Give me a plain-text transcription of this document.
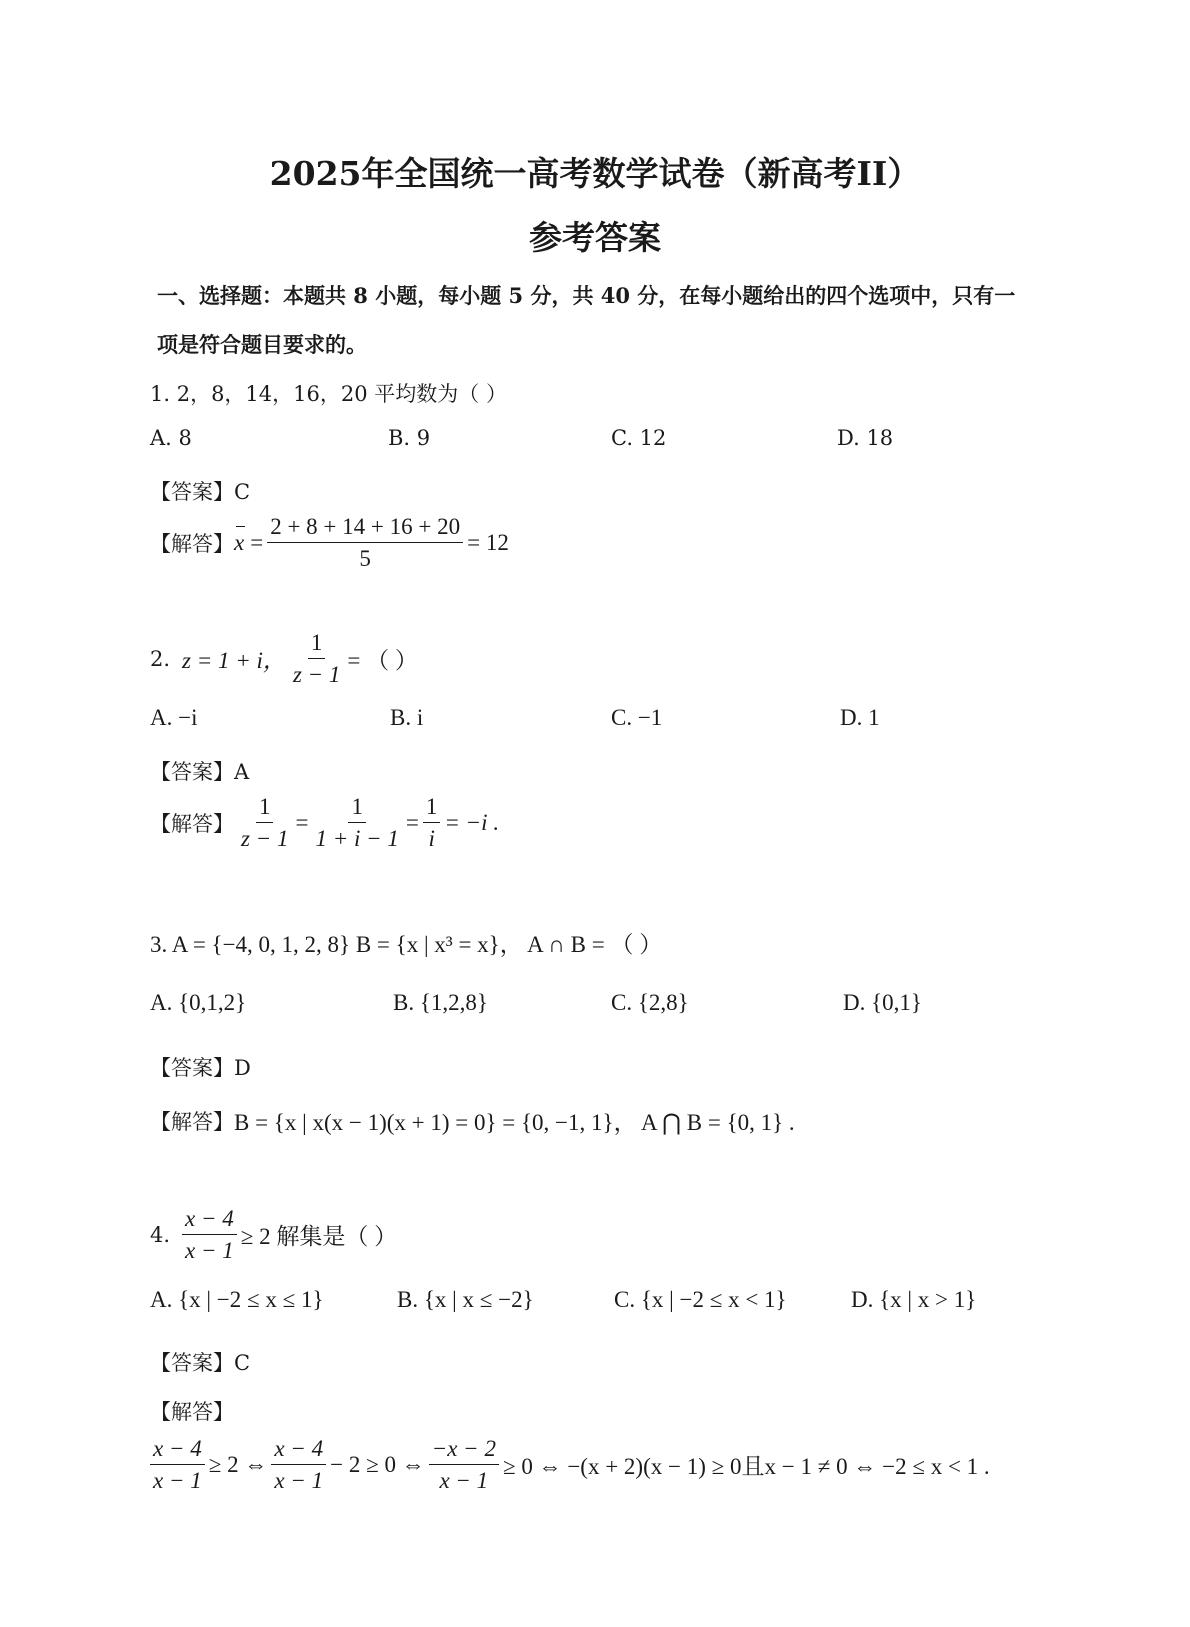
2025年全国统一高考数学试卷（新高考II）
参考答案
一、选择题：本题共 8 小题，每小题 5 分，共 40 分，在每小题给出的四个选项中，只有一
项是符合题目要求的。
1. 2，8，14，16，20 平均数为（ ）
A. 8	B. 9	C. 12	D. 18
【答案】C
【解答】 $x = \frac{2 + 8 + 14 + 16 + 20}{5} = 12$
2. z = 1 + i， $\frac{1}{z - 1}$ = （ ）
A. −i	B. i	C. −1	D. 1
【答案】A
【解答】 $\frac{1}{z - 1} = \frac{1}{1 + i - 1} = \frac{1}{i} = -i$ .
3. A = {−4, 0, 1, 2, 8} B = {x | x³ = x}， A ∩ B = （ ）
A. {0,1,2}	B. {1,2,8}	C. {2,8}	D. {0,1}
【答案】D
【解答】 B = {x | x(x − 1)(x + 1) = 0} = {0, −1, 1}， A ⋂ B = {0, 1} .
4. $\frac{x - 4}{x - 1} \ge 2$ 解集是（ ）
A. {x | −2 ≤ x ≤ 1}	B. {x | x ≤ −2}	C. {x | −2 ≤ x < 1}	D. {x | x > 1}
【答案】C
【解答】
$\frac{x - 4}{x - 1} \ge 2$ ⇔ $\frac{x - 4}{x - 1} - 2 \ge 0$ ⇔ $\frac{-x - 2}{x - 1} \ge 0$ ⇔ −(x + 2)(x − 1) ≥ 0且x − 1 ≠ 0 ⇔ −2 ≤ x < 1 .
